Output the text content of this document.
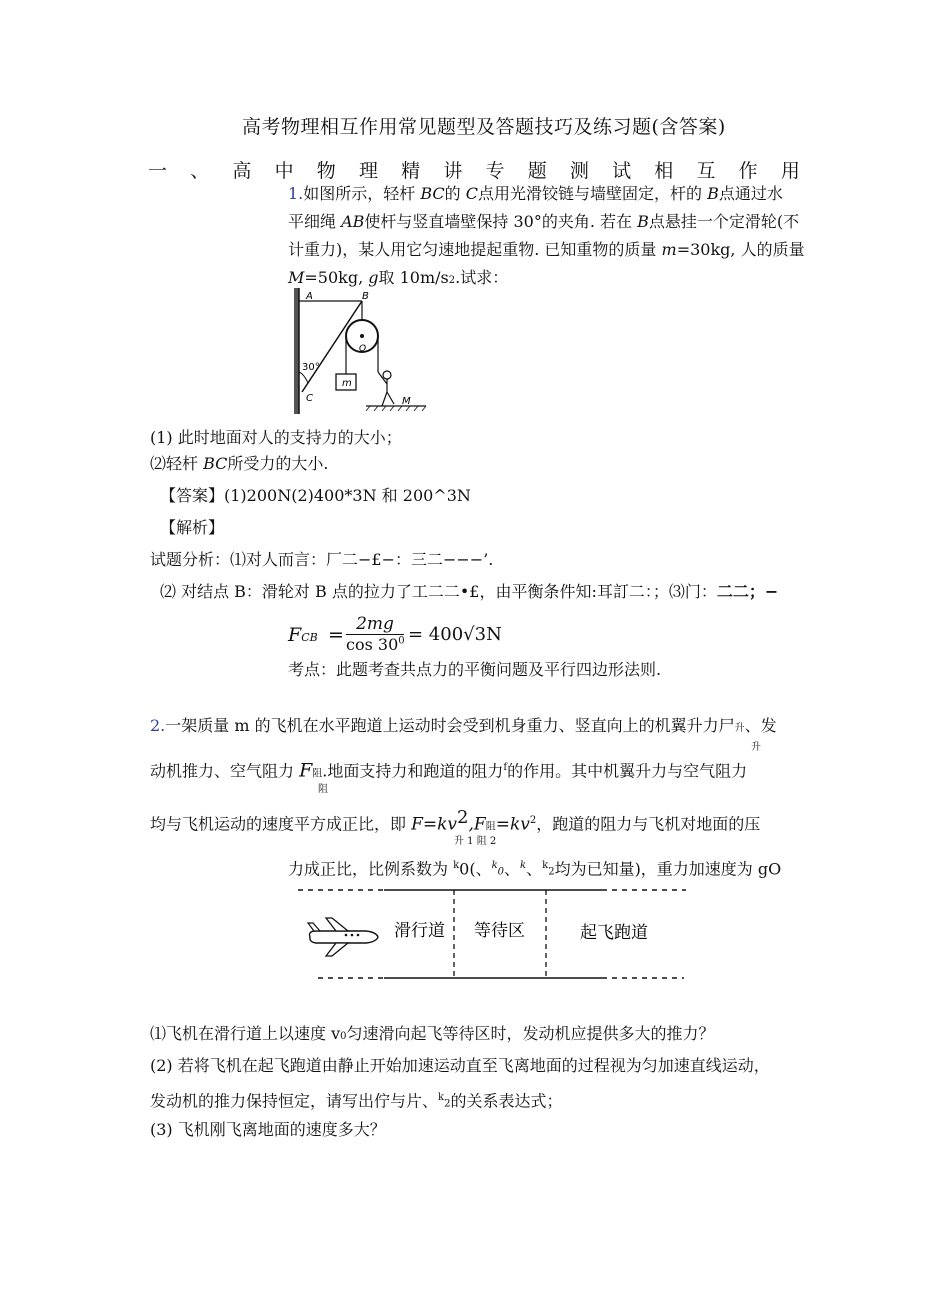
高考物理相互作用常见题型及答题技巧及练习题(含答案)
一 、 高 中 物 理 精 讲 专 题 测 试 相 互 作 用
1.如图所示，轻杆 BC的 C点用光滑铰链与墙壁固定，杆的 B点通过水
平细绳 AB使杆与竖直墙壁保持 30°的夹角. 若在 B点悬挂一个定滑轮(不
计重力)，某人用它匀速地提起重物. 已知重物的质量 m=30kg, 人的质量
M=50kg, g取 10m/s2.试求：
A	B
O
30°
m
C	M
(1) 此时地面对人的支持力的大小；
⑵轻杆 BC所受力的大小.
【答案】(1)200N(2)400*3N 和 200^3N
【解析】
试题分析：⑴对人而言：厂二−£−：三二−−−’.
⑵ 对结点 B：滑轮对 B 点的拉力了工二二•£，由平衡条件知:耳訂二：；⑶门：二二；−
FCB = 2mg
$\cos 30^0 = 400√3N$
考点：此题考查共点力的平衡问题及平行四边形法则.
2.一架质量 m 的飞机在水平跑道上运动时会受到机身重力、竖直向上的机翼升力尸升、发
升
动机推力、空气阻力 F阻.地面支持力和跑道的阻力$^f$的作用。其中机翼升力与空气阻力
阻
均与飞机运动的速度平方成正比，即 $F=kv^2,F$阻$=kv^2$，跑道的阻力与飞机对地面的压
升 1 阻 2
力成正比，比例系数为 $^k$0(、$^k$0、$^k$、$^k$2均为已知量)，重力加速度为 gO
滑行道 等待区	起飞跑道
⑴飞机在滑行道上以速度 v0匀速滑向起飞等待区时，发动机应提供多大的推力？
(2) 若将飞机在起飞跑道由静止开始加速运动直至飞离地面的过程视为匀加速直线运动，
发动机的推力保持恒定，请写出佇与片、$^k$2的关系表达式；
(3) 飞机刚飞离地面的速度多大？
